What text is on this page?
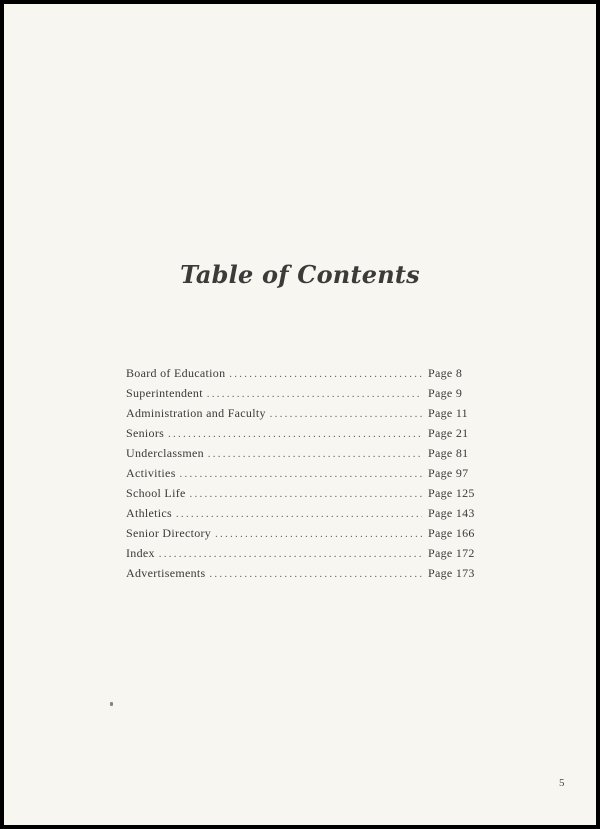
Table of Contents
Board of Education . . .	Page 8
Superintendent . . .	Page 9
Administration and Faculty . . .	Page 11
Seniors . . .	Page 21
Underclassmen . . .	Page 81
Activities . . .	Page 97
School Life . . .	Page 125
Athletics . . .	Page 143
Senior Directory . . .	Page 166
Index . . .	Page 172
Advertisements . . .	Page 173
5
